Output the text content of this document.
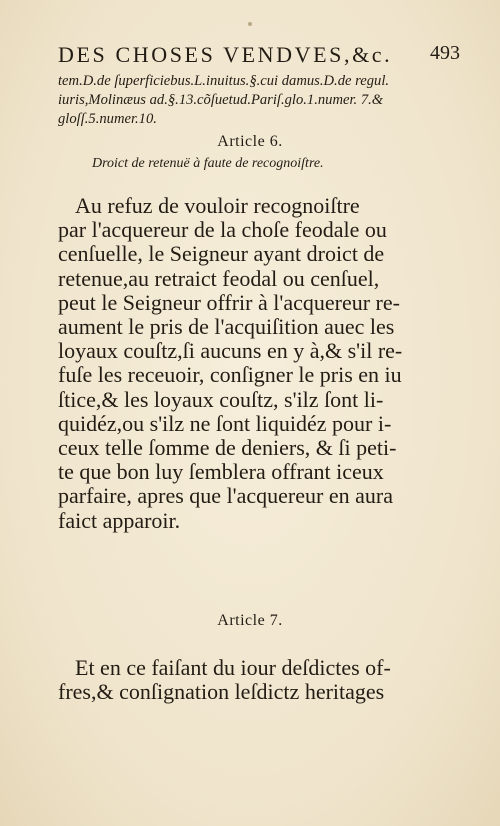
DES CHOSES VENDVES,&c. 493
tem.D.de ſuperficiebus.L.inuitus.§.cui damus.D.de regul.
iuris,Molinæus ad.§.13.cõſuetud.Pariſ.glo.1.numer. 7.&
gloſſ.5.numer.10.
Article 6.
Droict de retenuë à faute de recognoiſtre.
Au refuz de vouloir recognoiſtre
par l'acquereur de la choſe feodale ou
cenſuelle, le Seigneur ayant droict de
retenue,au retraict feodal ou cenſuel,
peut le Seigneur offrir à l'acquereur re-
aument le pris de l'acquiſition auec les
loyaux couſtz,ſi aucuns en y à,& s'il re-
fuſe les receuoir, conſigner le pris en iu
ſtice,& les loyaux couſtz, s'ilz ſont li-
quidéz,ou s'ilz ne ſont liquidéz pour i-
ceux telle ſomme de deniers, & ſi peti-
te que bon luy ſemblera offrant iceux
parfaire, apres que l'acquereur en aura
faict apparoir.
Article 7.
Et en ce faiſant du iour deſdictes of-
fres,& conſignation leſdictz heritages
